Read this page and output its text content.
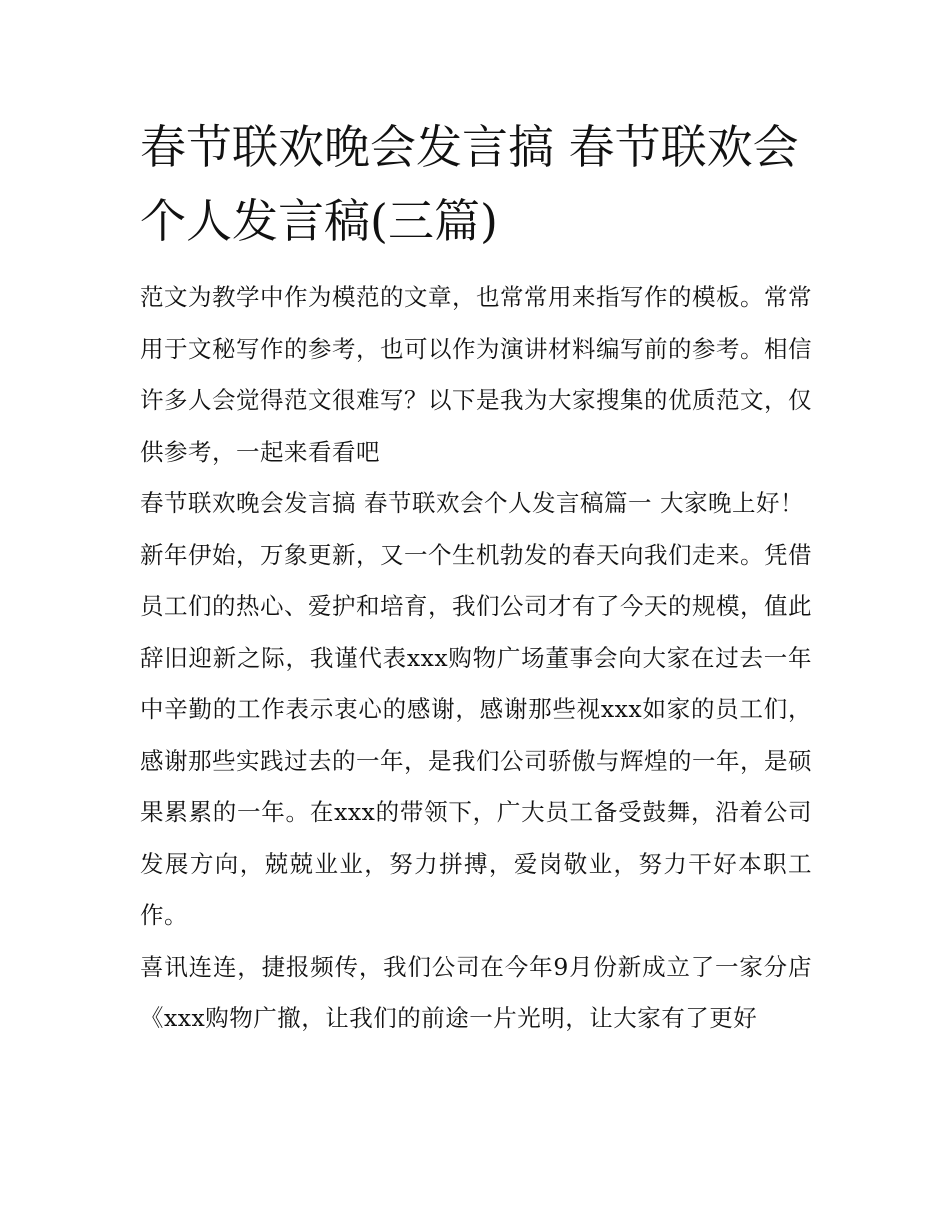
春节联欢晚会发言搞 春节联欢会个人发言稿(三篇)

范文为教学中作为模范的文章，也常常用来指写作的模板。常常用于文秘写作的参考，也可以作为演讲材料编写前的参考。相信许多人会觉得范文很难写？以下是我为大家搜集的优质范文，仅供参考，一起来看看吧

春节联欢晚会发言搞 春节联欢会个人发言稿篇一 大家晚上好！

新年伊始，万象更新，又一个生机勃发的春天向我们走来。凭借员工们的热心、爱护和培育，我们公司才有了今天的规模，值此辞旧迎新之际，我谨代表xxx购物广场董事会向大家在过去一年中辛勤的工作表示衷心的感谢，感谢那些视xxx如家的员工们，感谢那些实践过去的一年，是我们公司骄傲与辉煌的一年，是硕果累累的一年。在xxx的带领下，广大员工备受鼓舞，沿着公司发展方向，兢兢业业，努力拼搏，爱岗敬业，努力干好本职工作。

喜讯连连，捷报频传，我们公司在今年9月份新成立了一家分店《xxx购物广撤，让我们的前途一片光明，让大家有了更好
